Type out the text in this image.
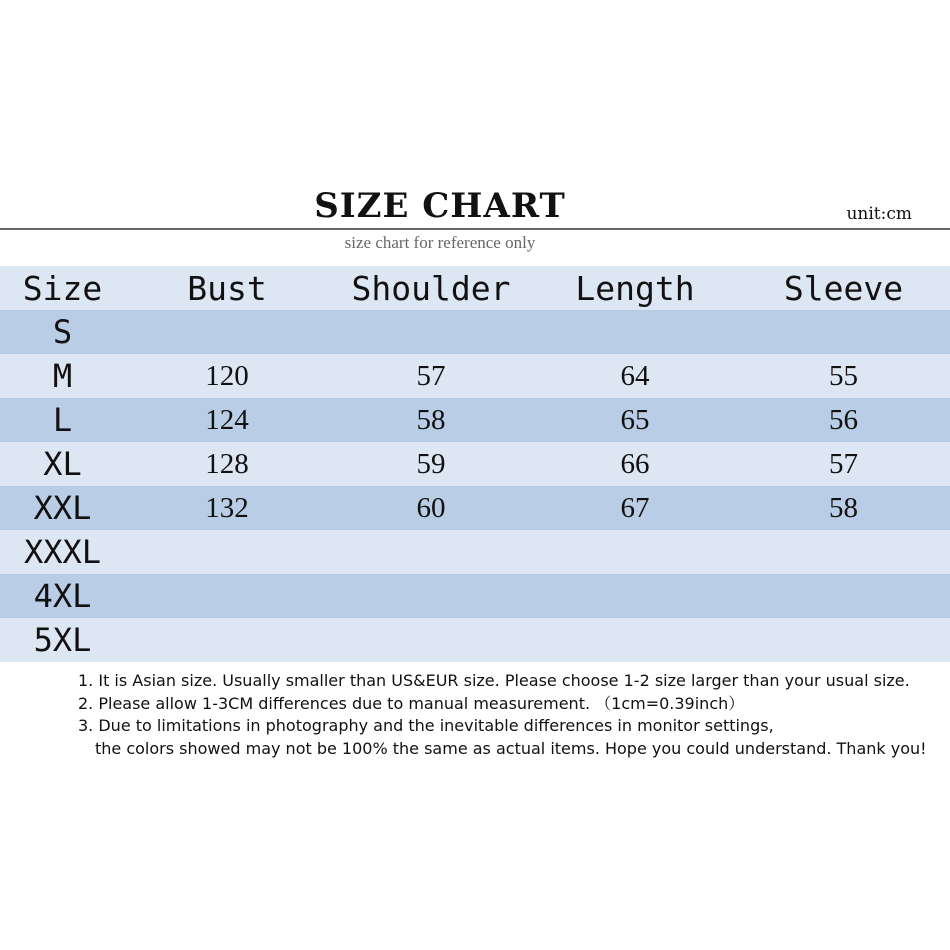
SIZE CHART	unit:cm
size chart for reference only
Size	Bust	Shoulder	Length	Sleeve
S
M	120	57	64	55
L	124	58	65	56
XL	128	59	66	57
XXL	132	60	67	58
XXXL
4XL
5XL
1. It is Asian size. Usually smaller than US&EUR size. Please choose 1-2 size larger than your usual size.
2. Please allow 1-3CM differences due to manual measurement. （1cm=0.39inch）
3. Due to limitations in photography and the inevitable differences in monitor settings,
the colors showed may not be 100% the same as actual items. Hope you could understand. Thank you!
